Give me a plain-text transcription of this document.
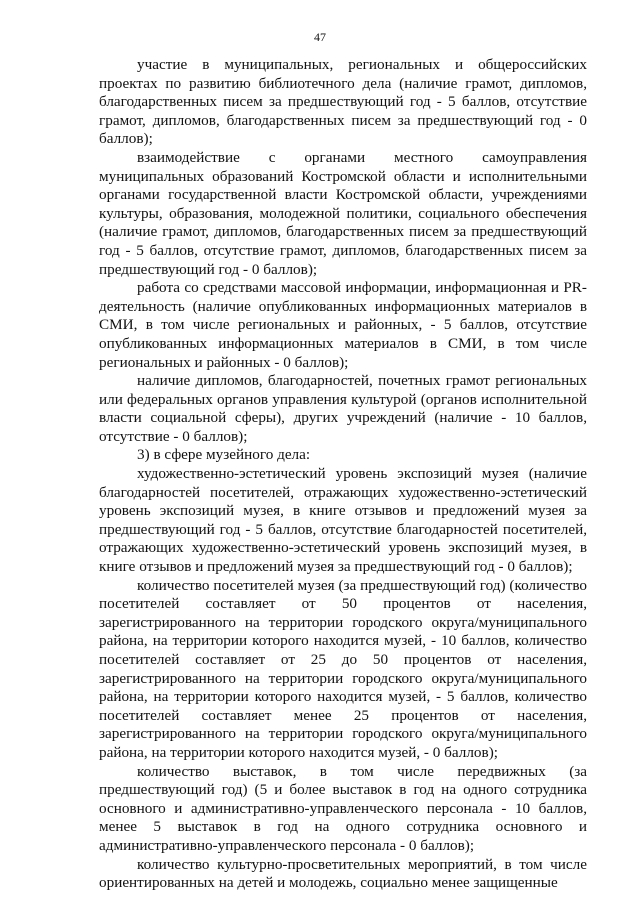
47

участие в муниципальных, региональных и общероссийских проектах по развитию библиотечного дела (наличие грамот, дипломов, благодарственных писем за предшествующий год - 5 баллов, отсутствие грамот, дипломов, благодарственных писем за предшествующий год - 0 баллов);

взаимодействие с органами местного самоуправления муниципальных образований Костромской области и исполнительными органами государственной власти Костромской области, учреждениями культуры, образования, молодежной политики, социального обеспечения (наличие грамот, дипломов, благодарственных писем за предшествующий год - 5 баллов, отсутствие грамот, дипломов, благодарственных писем за предшествующий год - 0 баллов);

работа со средствами массовой информации, информационная и PR-деятельность (наличие опубликованных информационных материалов в СМИ, в том числе региональных и районных, - 5 баллов, отсутствие опубликованных информационных материалов в СМИ, в том числе региональных и районных - 0 баллов);

наличие дипломов, благодарностей, почетных грамот региональных или федеральных органов управления культурой (органов исполнительной власти социальной сферы), других учреждений (наличие - 10 баллов, отсутствие - 0 баллов);

3) в сфере музейного дела:

художественно-эстетический уровень экспозиций музея (наличие благодарностей посетителей, отражающих художественно-эстетический уровень экспозиций музея, в книге отзывов и предложений музея за предшествующий год - 5 баллов, отсутствие благодарностей посетителей, отражающих художественно-эстетический уровень экспозиций музея, в книге отзывов и предложений музея за предшествующий год - 0 баллов);

количество посетителей музея (за предшествующий год) (количество посетителей составляет от 50 процентов от населения, зарегистрированного на территории городского округа/муниципального района, на территории которого находится музей, - 10 баллов, количество посетителей составляет от 25 до 50 процентов от населения, зарегистрированного на территории городского округа/муниципального района, на территории которого находится музей, - 5 баллов, количество посетителей составляет менее 25 процентов от населения, зарегистрированного на территории городского округа/муниципального района, на территории которого находится музей, - 0 баллов);

количество выставок, в том числе передвижных (за предшествующий год) (5 и более выставок в год на одного сотрудника основного и административно-управленческого персонала - 10 баллов, менее 5 выставок в год на одного сотрудника основного и административно-управленческого персонала - 0 баллов);

количество культурно-просветительных мероприятий, в том числе ориентированных на детей и молодежь, социально менее защищенные
